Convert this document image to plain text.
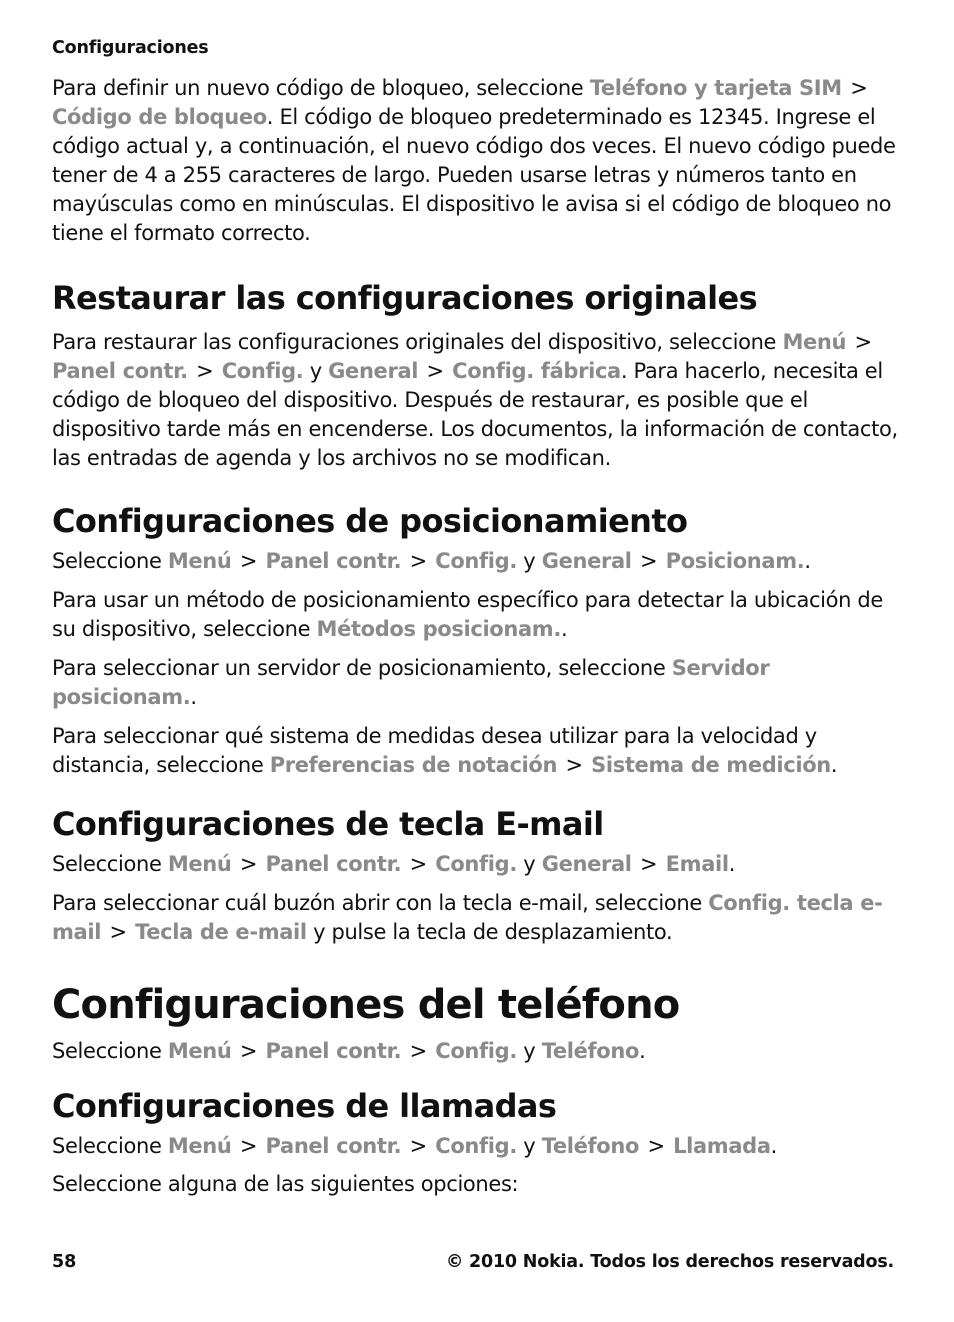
Configuraciones

Para definir un nuevo código de bloqueo, seleccione Teléfono y tarjeta SIM >Código de bloqueo. El código de bloqueo predeterminado es 12345. Ingrese el código actual y, a continuación, el nuevo código dos veces. El nuevo código puede tener de 4 a 255 caracteres de largo. Pueden usarse letras y números tanto en mayúsculas como en minúsculas. El dispositivo le avisa si el código de bloqueo no tiene el formato correcto.

Restaurar las configuraciones originales

Para restaurar las configuraciones originales del dispositivo, seleccione Menú >Panel contr. > Config. y General > Config. fábrica. Para hacerlo, necesita el código de bloqueo del dispositivo. Después de restaurar, es posible que el dispositivo tarde más en encenderse. Los documentos, la información de contacto, las entradas de agenda y los archivos no se modifican.

Configuraciones de posicionamiento

Seleccione Menú > Panel contr. > Config. y General > Posicionam..

Para usar un método de posicionamiento específico para detectar la ubicación de su dispositivo, seleccione Métodos posicionam..

Para seleccionar un servidor de posicionamiento, seleccione Servidor posicionam..

Para seleccionar qué sistema de medidas desea utilizar para la velocidad y distancia, seleccione Preferencias de notación > Sistema de medición.

Configuraciones de tecla E-mail

Seleccione Menú > Panel contr. > Config. y General > Email.

Para seleccionar cuál buzón abrir con la tecla e-mail, seleccione Config. tecla e-mail > Tecla de e-mail y pulse la tecla de desplazamiento.

Configuraciones del teléfono

Seleccione Menú > Panel contr. > Config. y Teléfono.

Configuraciones de llamadas

Seleccione Menú > Panel contr. > Config. y Teléfono > Llamada.

Seleccione alguna de las siguientes opciones:

58	© 2010 Nokia. Todos los derechos reservados.
